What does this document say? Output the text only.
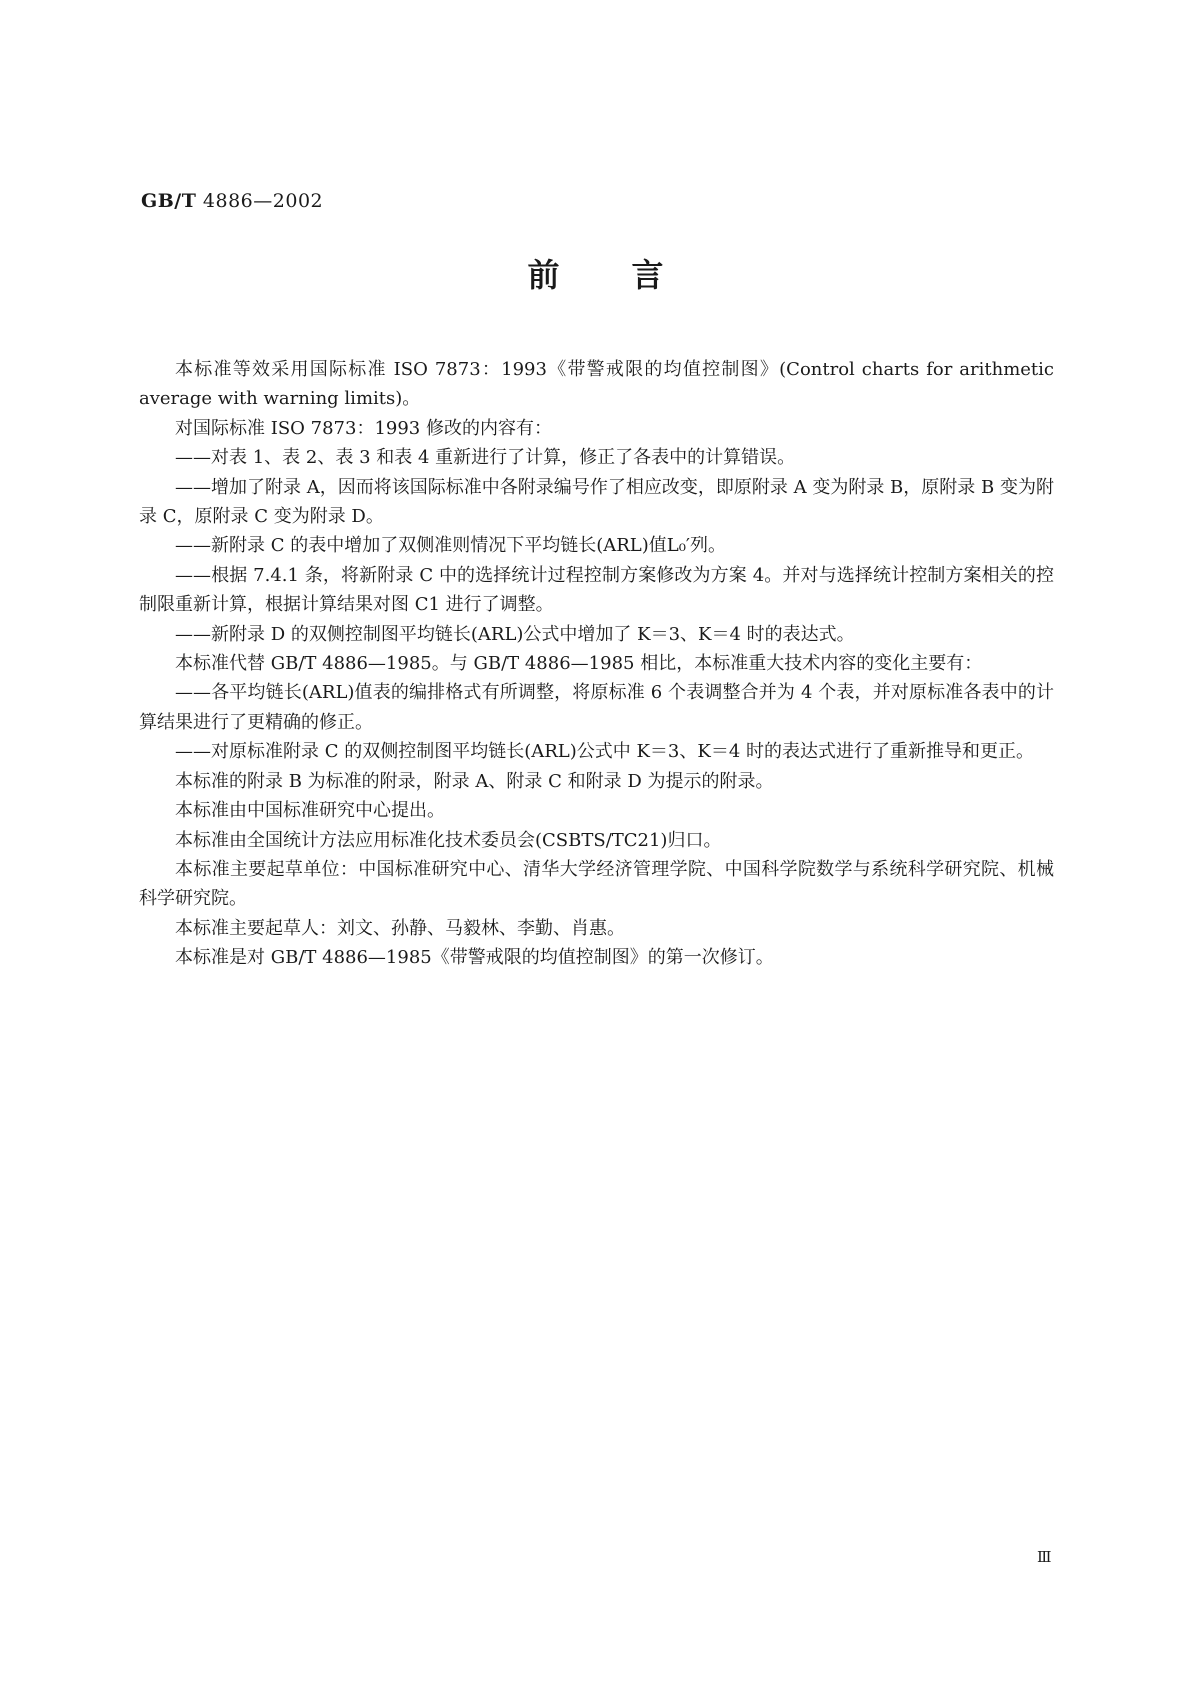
GB/T 4886—2002
前言

本标准等效采用国际标准 ISO 7873：1993《带警戒限的均值控制图》(Control charts for arithmetic average with warning limits)。

对国际标准 ISO 7873：1993 修改的内容有：

——对表 1、表 2、表 3 和表 4 重新进行了计算，修正了各表中的计算错误。

——增加了附录 A，因而将该国际标准中各附录编号作了相应改变，即原附录 A 变为附录 B，原附录 B 变为附录 C，原附录 C 变为附录 D。

——新附录 C 的表中增加了双侧准则情况下平均链长(ARL)值L₀′列。

——根据 7.4.1 条，将新附录 C 中的选择统计过程控制方案修改为方案 4。并对与选择统计控制方案相关的控制限重新计算，根据计算结果对图 C1 进行了调整。

——新附录 D 的双侧控制图平均链长(ARL)公式中增加了 K＝3、K＝4 时的表达式。

本标准代替 GB/T 4886—1985。与 GB/T 4886—1985 相比，本标准重大技术内容的变化主要有：

——各平均链长(ARL)值表的编排格式有所调整，将原标准 6 个表调整合并为 4 个表，并对原标准各表中的计算结果进行了更精确的修正。

——对原标准附录 C 的双侧控制图平均链长(ARL)公式中 K＝3、K＝4 时的表达式进行了重新推导和更正。

本标准的附录 B 为标准的附录，附录 A、附录 C 和附录 D 为提示的附录。

本标准由中国标准研究中心提出。

本标准由全国统计方法应用标准化技术委员会(CSBTS/TC21)归口。

本标准主要起草单位：中国标准研究中心、清华大学经济管理学院、中国科学院数学与系统科学研究院、机械科学研究院。

本标准主要起草人：刘文、孙静、马毅林、李勤、肖惠。

本标准是对 GB/T 4886—1985《带警戒限的均值控制图》的第一次修订。

Ⅲ
